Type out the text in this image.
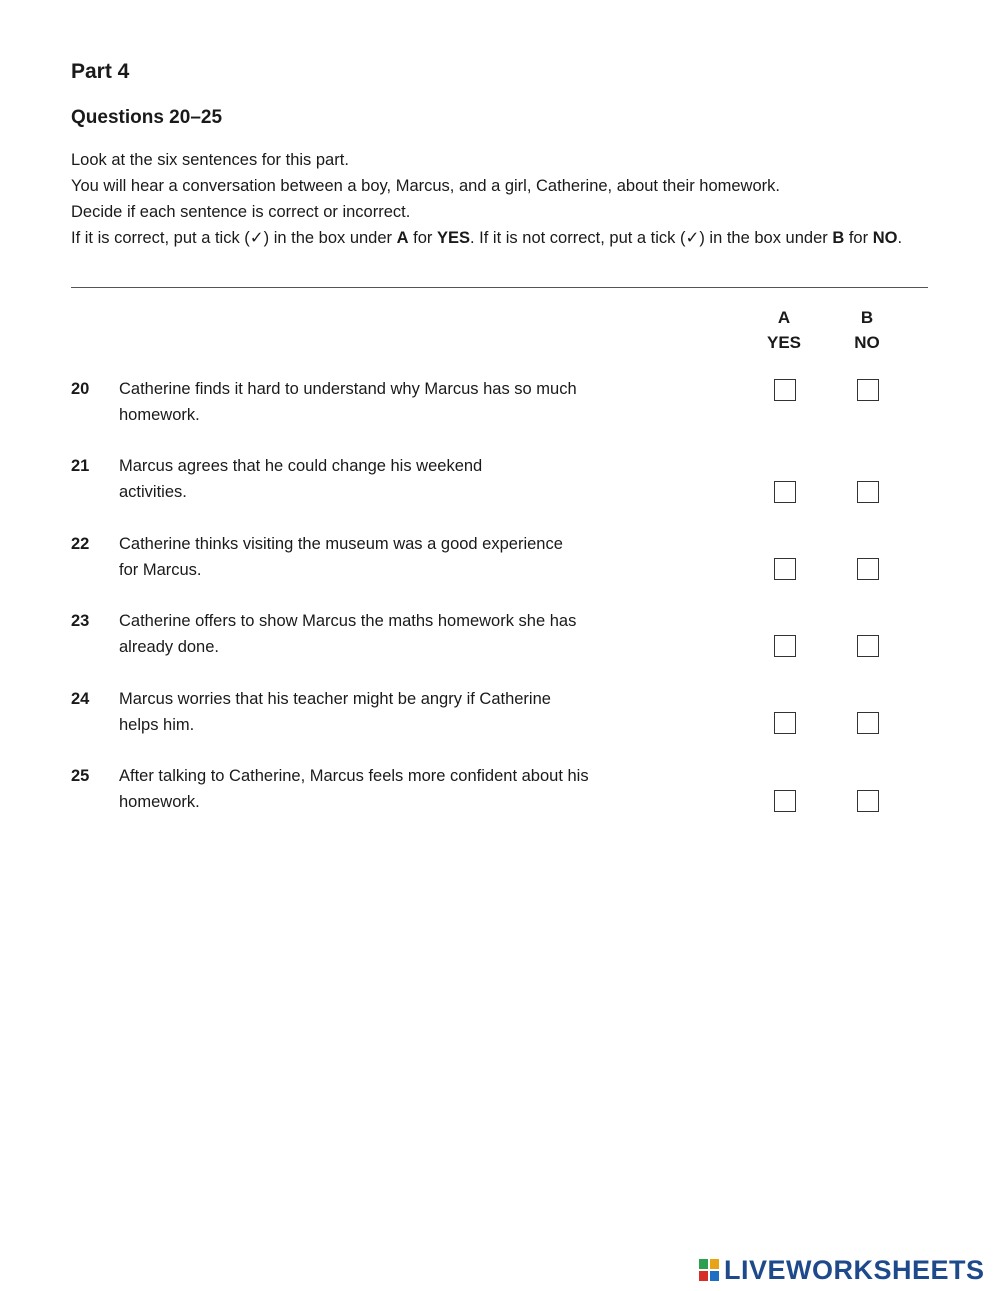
Part 4
Questions 20–25

Look at the six sentences for this part.

You will hear a conversation between a boy, Marcus, and a girl, Catherine, about their homework.

Decide if each sentence is correct or incorrect.

If it is correct, put a tick (✓) in the box under A for YES. If it is not correct, put a tick (✓) in the box under B for NO.

A
YES
B
NO
20 Catherine finds it hard to understand why Marcus has so much
homework.
21 Marcus agrees that he could change his weekend
activities.
22 Catherine thinks visiting the museum was a good experience
for Marcus.
23 Catherine offers to show Marcus the maths homework she has
already done.
24 Marcus worries that his teacher might be angry if Catherine
helps him.
25 After talking to Catherine, Marcus feels more confident about his
homework.
LIVEWORKSHEETS
